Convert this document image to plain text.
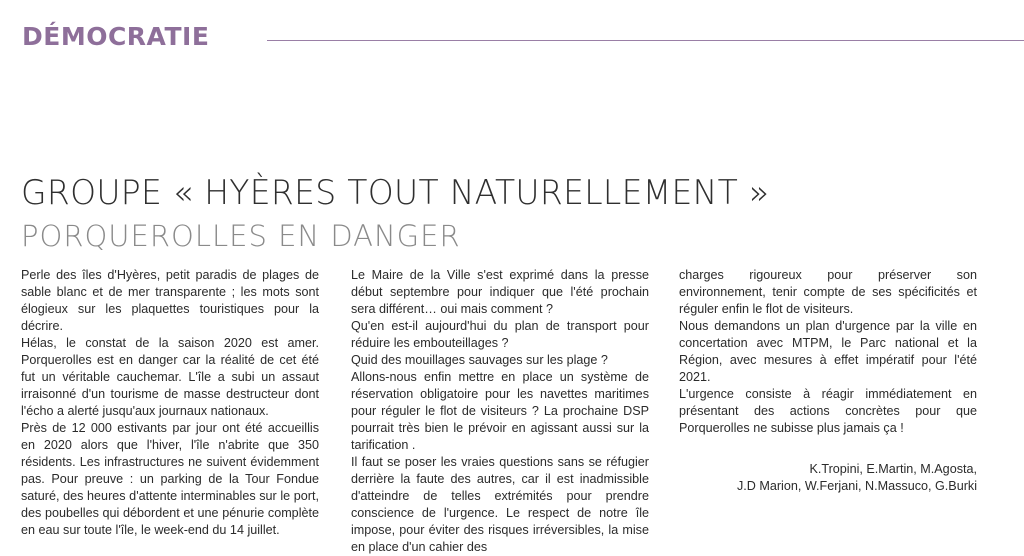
DÉMOCRATIE
GROUPE « HYÈRES TOUT NATURELLEMENT »
PORQUEROLLES EN DANGER

Perle des îles d'Hyères, petit paradis de plages de sable blanc et de mer transparente ; les mots sont élogieux sur les plaquettes touristiques pour la décrire.

Hélas, le constat de la saison 2020 est amer. Porquerolles est en danger car la réalité de cet été fut un véritable cauchemar. L'île a subi un assaut irraisonné d'un tourisme de masse destructeur dont l'écho a alerté jusqu'aux journaux nationaux.

Près de 12 000 estivants par jour ont été accueillis en 2020 alors que l'hiver, l'île n'abrite que 350 résidents. Les infrastructures ne suivent évidemment pas. Pour preuve : un parking de la Tour Fondue saturé, des heures d'attente interminables sur le port, des poubelles qui débordent et une pénurie complète en eau sur toute l'île, le week-end du 14 juillet.

Le Maire de la Ville s'est exprimé dans la presse début septembre pour indiquer que l'été prochain sera différent… oui mais comment ?

Qu'en est-il aujourd'hui du plan de transport pour réduire les embouteillages ?

Quid des mouillages sauvages sur les plage ?

Allons-nous enfin mettre en place un système de réservation obligatoire pour les navettes maritimes pour réguler le flot de visiteurs ? La prochaine DSP pourrait très bien le prévoir en agissant aussi sur la tarification .

Il faut se poser les vraies questions sans se réfugier derrière la faute des autres, car il est inadmissible d'atteindre de telles extrémités pour prendre conscience de l'urgence. Le respect de notre île impose, pour éviter des risques irréversibles, la mise en place d'un cahier des

charges rigoureux pour préserver son environnement, tenir compte de ses spécificités et réguler enfin le flot de visiteurs.

Nous demandons un plan d'urgence par la ville en concertation avec MTPM, le Parc national et la Région, avec mesures à effet impératif pour l'été 2021.

L'urgence consiste à réagir immédiatement en présentant des actions concrètes pour que Porquerolles ne subisse plus jamais ça !

K.Tropini, E.Martin, M.Agosta,
J.D Marion, W.Ferjani, N.Massuco, G.Burki
